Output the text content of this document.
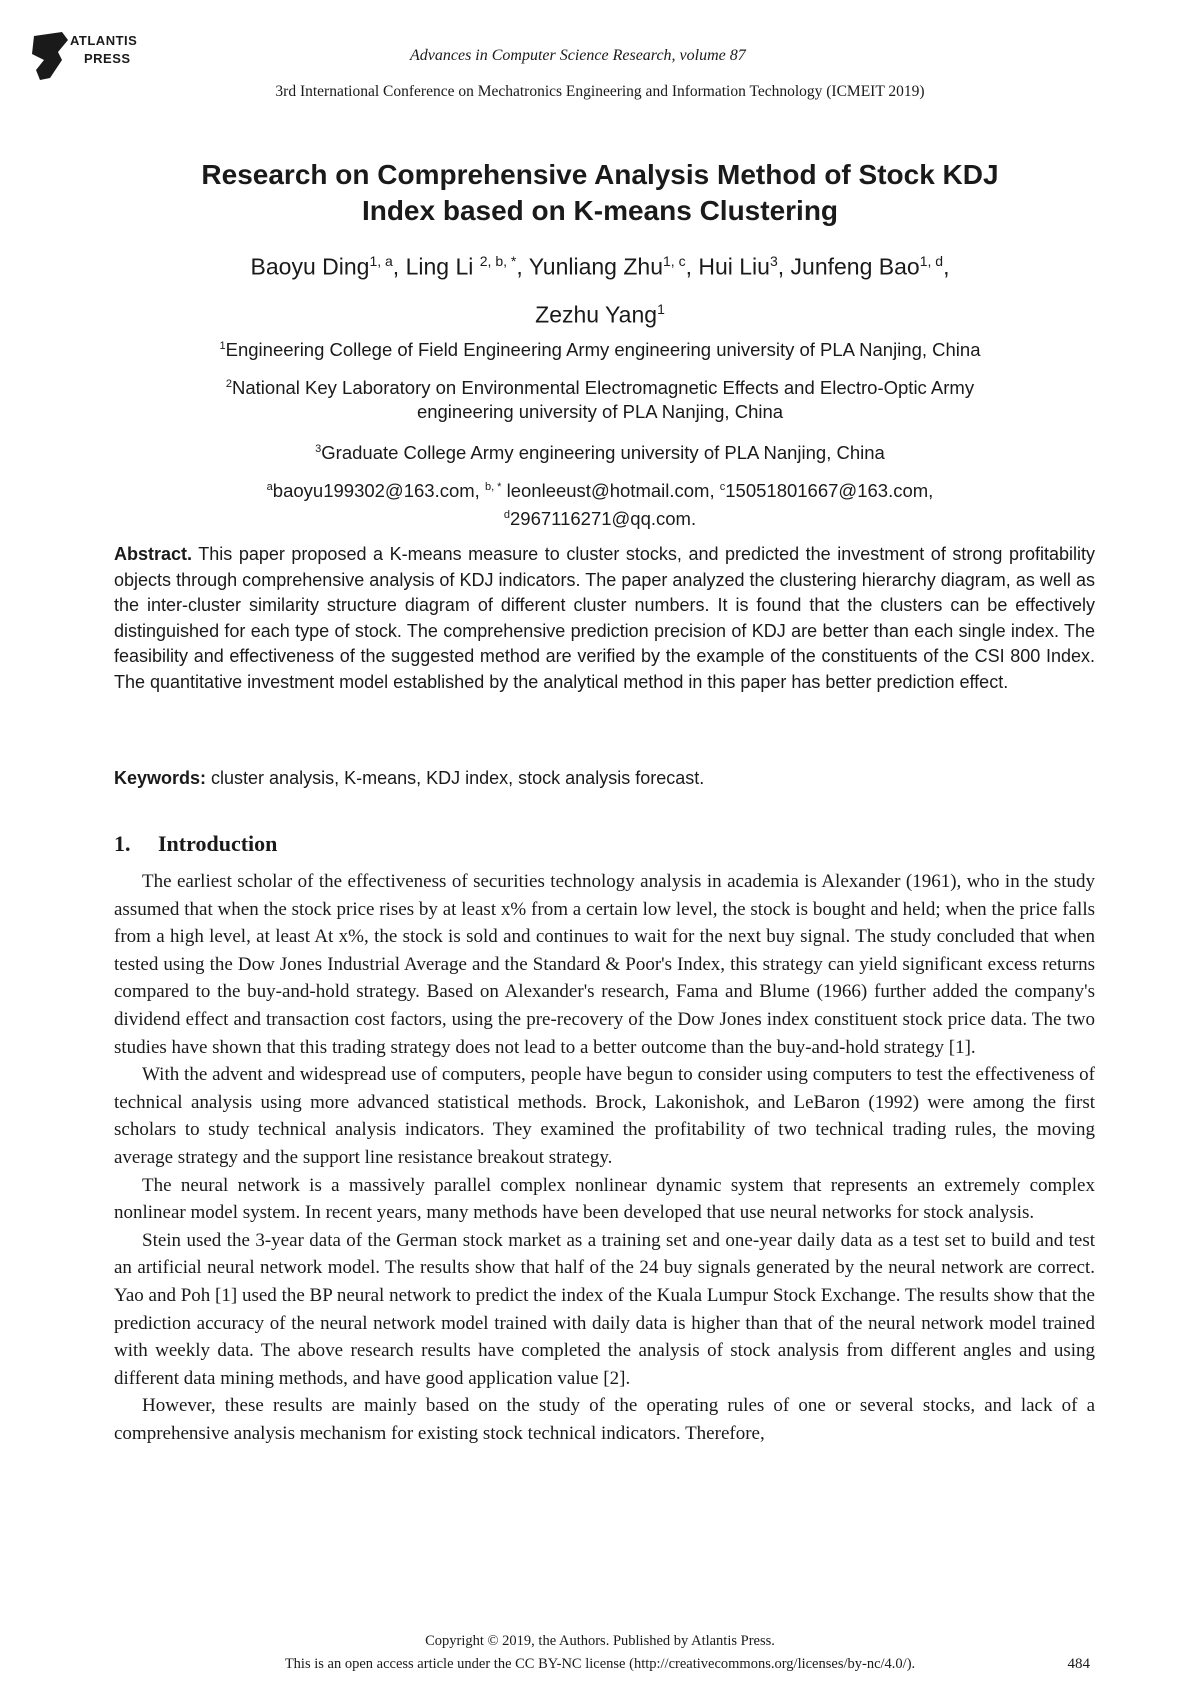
ATLANTIS
PRESS	Advances in Computer Science Research, volume 87
3rd International Conference on Mechatronics Engineering and Information Technology (ICMEIT 2019)
Research on Comprehensive Analysis Method of Stock KDJ
Index based on K-means Clustering
Baoyu Ding$^{1, a}$, Ling Li $^{2, b, *}$, Yunliang Zhu$^{1, c}$, Hui Liu$^3$, Junfeng Bao$^{1, d}$,
Zezhu Yang$^1$
$^1$Engineering College of Field Engineering Army engineering university of PLA Nanjing, China
$^2$National Key Laboratory on Environmental Electromagnetic Effects and Electro-Optic Army
engineering university of PLA Nanjing, China
$^3$Graduate College Army engineering university of PLA Nanjing, China
$^a$baoyu199302@163.com, $^{b, *}$ leonleeust@hotmail.com, $^c$15051801667@163.com,
$^d$2967116271@qq.com.
Abstract. This paper proposed a K-means measure to cluster stocks, and predicted the investment of strong profitability objects through comprehensive analysis of KDJ indicators. The paper analyzed the clustering hierarchy diagram, as well as the inter-cluster similarity structure diagram of different cluster numbers. It is found that the clusters can be effectively distinguished for each type of stock. The comprehensive prediction precision of KDJ are better than each single index. The feasibility and effectiveness of the suggested method are verified by the example of the constituents of the CSI 800 Index. The quantitative investment model established by the analytical method in this paper has better prediction effect.
Keywords: cluster analysis, K-means, KDJ index, stock analysis forecast.
1. Introduction

The earliest scholar of the effectiveness of securities technology analysis in academia is Alexander (1961), who in the study assumed that when the stock price rises by at least x% from a certain low level, the stock is bought and held; when the price falls from a high level, at least At x%, the stock is sold and continues to wait for the next buy signal. The study concluded that when tested using the Dow Jones Industrial Average and the Standard & Poor's Index, this strategy can yield significant excess returns compared to the buy-and-hold strategy. Based on Alexander's research, Fama and Blume (1966) further added the company's dividend effect and transaction cost factors, using the pre-recovery of the Dow Jones index constituent stock price data. The two studies have shown that this trading strategy does not lead to a better outcome than the buy-and-hold strategy [1].

With the advent and widespread use of computers, people have begun to consider using computers to test the effectiveness of technical analysis using more advanced statistical methods. Brock, Lakonishok, and LeBaron (1992) were among the first scholars to study technical analysis indicators. They examined the profitability of two technical trading rules, the moving average strategy and the support line resistance breakout strategy.

The neural network is a massively parallel complex nonlinear dynamic system that represents an extremely complex nonlinear model system. In recent years, many methods have been developed that use neural networks for stock analysis.

Stein used the 3-year data of the German stock market as a training set and one-year daily data as a test set to build and test an artificial neural network model. The results show that half of the 24 buy signals generated by the neural network are correct. Yao and Poh [1] used the BP neural network to predict the index of the Kuala Lumpur Stock Exchange. The results show that the prediction accuracy of the neural network model trained with daily data is higher than that of the neural network model trained with weekly data. The above research results have completed the analysis of stock analysis from different angles and using different data mining methods, and have good application value [2].

However, these results are mainly based on the study of the operating rules of one or several stocks, and lack of a comprehensive analysis mechanism for existing stock technical indicators. Therefore,

Copyright © 2019, the Authors. Published by Atlantis Press.
This is an open access article under the CC BY-NC license (http://creativecommons.org/licenses/by-nc/4.0/).	484
